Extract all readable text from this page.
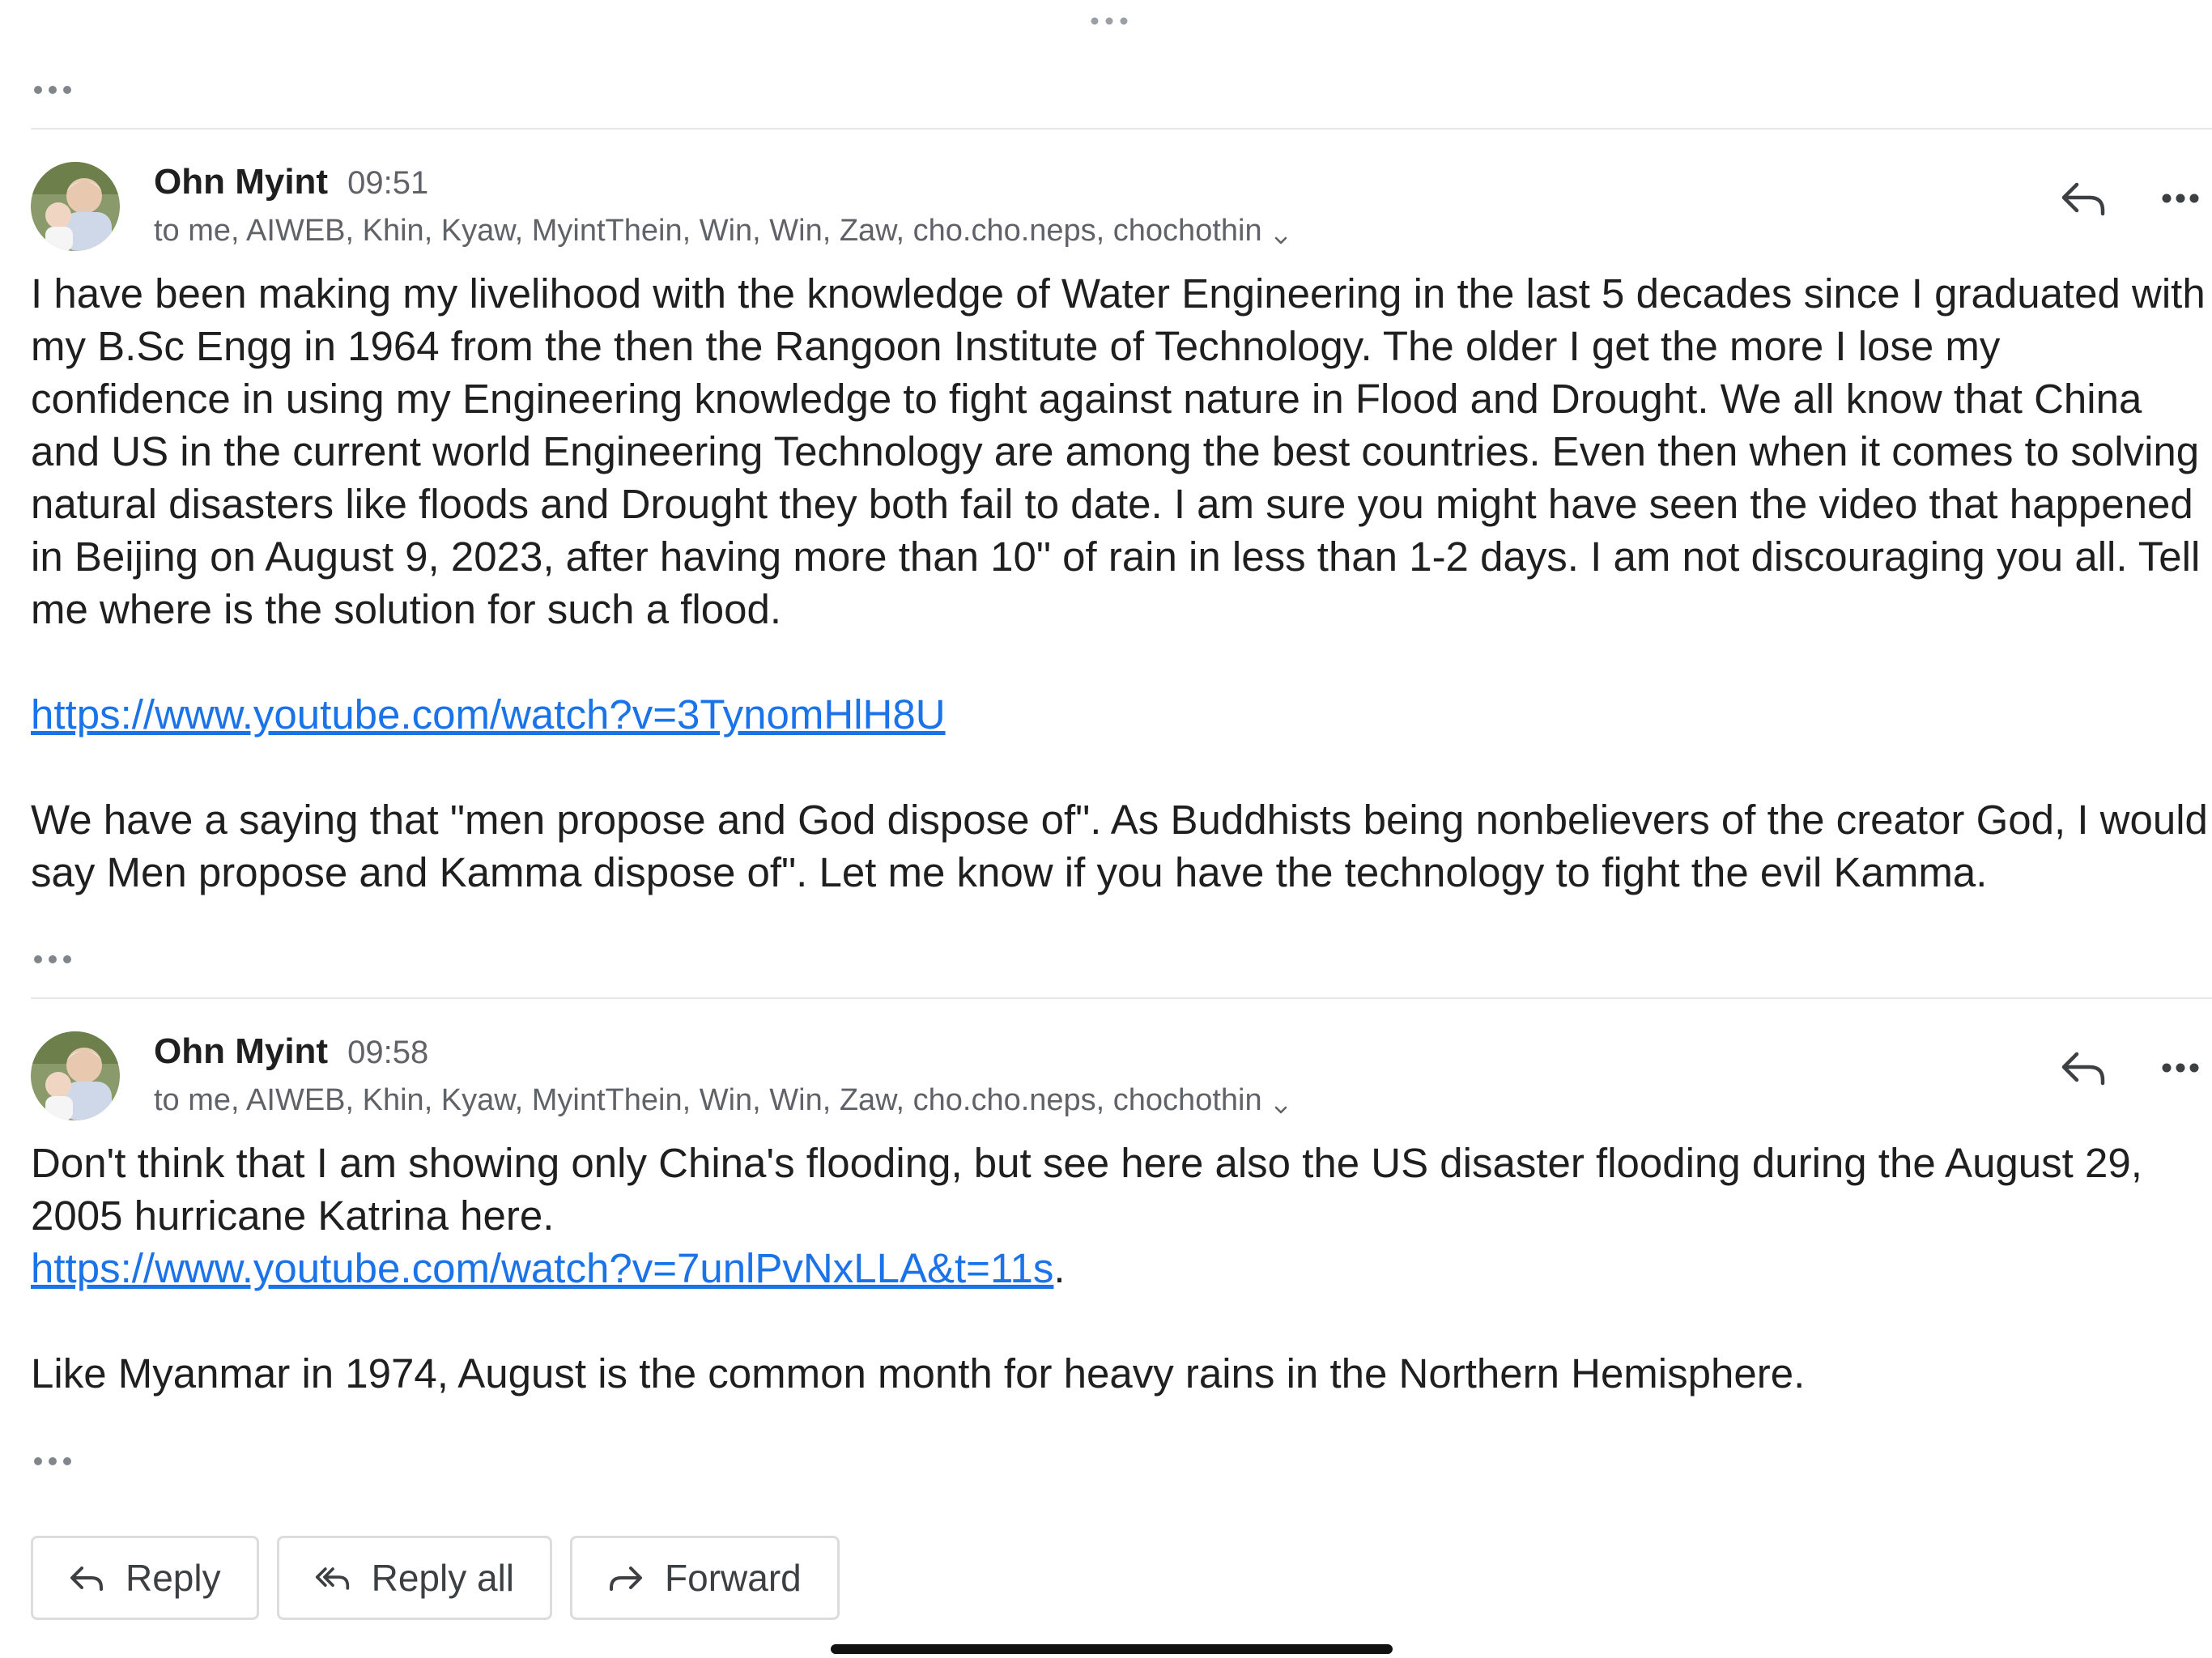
Ohn Myint 09:51
to me, AIWEB, Khin, Kyaw, MyintThein, Win, Win, Zaw, cho.cho.neps, chochothin

I have been making my livelihood with the knowledge of Water Engineering in the last 5 decades since I graduated with my B.Sc Engg in 1964 from the then the Rangoon Institute of Technology. The older I get the more I lose my confidence in using my Engineering knowledge to fight against nature in Flood and Drought. We all know that China and US in the current world Engineering Technology are among the best countries. Even then when it comes to solving natural disasters like floods and Drought they both fail to date. I am sure you might have seen the video that happened in Beijing on August 9, 2023, after having more than 10" of rain in less than 1-2 days. I am not discouraging you all. Tell me where is the solution for such a flood.

https://www.youtube.com/watch?v=3TynomHlH8U

We have a saying that "men propose and God dispose of". As Buddhists being nonbelievers of the creator God, I would say Men propose and Kamma dispose of". Let me know if you have the technology to fight the evil Kamma.

Ohn Myint 09:58
to me, AIWEB, Khin, Kyaw, MyintThein, Win, Win, Zaw, cho.cho.neps, chochothin

Don't think that I am showing only China's flooding, but see here also the US disaster flooding during the August 29, 2005 hurricane Katrina here.

https://www.youtube.com/watch?v=7unlPvNxLLA&t=11s.

Like Myanmar in 1974, August is the common month for heavy rains in the Northern Hemisphere.

Reply	Reply all	Forward
